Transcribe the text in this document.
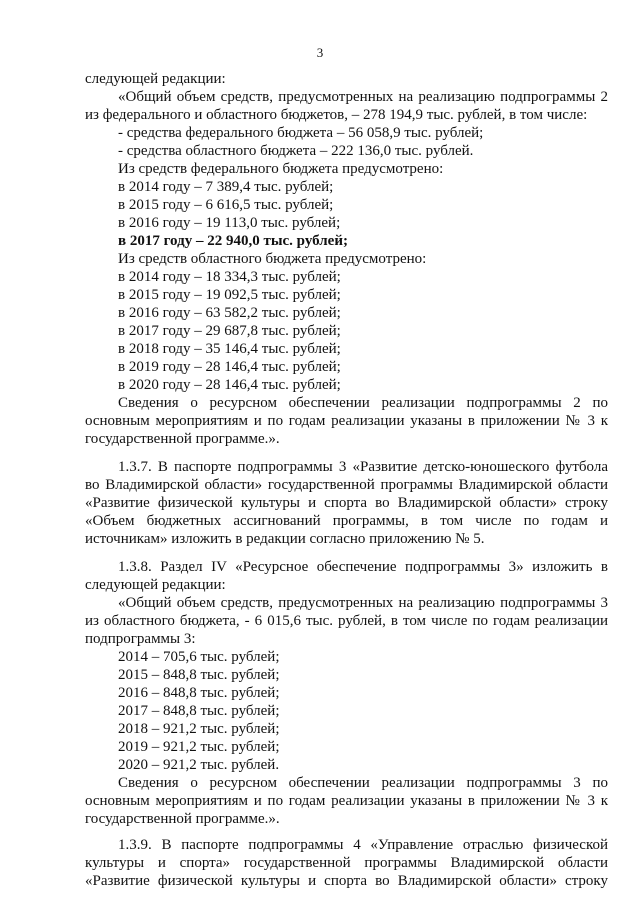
3
следующей редакции:
«Общий объем средств, предусмотренных на реализацию подпрограммы 2
из федерального и областного бюджетов, – 278 194,9 тыс. рублей, в том числе:
- средства федерального бюджета – 56 058,9 тыс. рублей;
- средства областного бюджета – 222 136,0 тыс. рублей.
Из средств федерального бюджета предусмотрено:
в 2014 году – 7 389,4 тыс. рублей;
в 2015 году – 6 616,5 тыс. рублей;
в 2016 году – 19 113,0 тыс. рублей;
в 2017 году – 22 940,0 тыс. рублей;
Из средств областного бюджета предусмотрено:
в 2014 году – 18 334,3 тыс. рублей;
в 2015 году – 19 092,5 тыс. рублей;
в 2016 году – 63 582,2 тыс. рублей;
в 2017 году – 29 687,8 тыс. рублей;
в 2018 году – 35 146,4 тыс. рублей;
в 2019 году – 28 146,4 тыс. рублей;
в 2020 году – 28 146,4 тыс. рублей;
Сведения о ресурсном обеспечении реализации подпрограммы 2 по
основным мероприятиям и по годам реализации указаны в приложении № 3 к
государственной программе.».
1.3.7. В паспорте подпрограммы 3 «Развитие детско-юношеского футбола
во Владимирской области» государственной программы Владимирской области
«Развитие физической культуры и спорта во Владимирской области» строку
«Объем бюджетных ассигнований программы, в том числе по годам и
источникам» изложить в редакции согласно приложению № 5.
1.3.8. Раздел IV «Ресурсное обеспечение подпрограммы 3» изложить в
следующей редакции:
«Общий объем средств, предусмотренных на реализацию подпрограммы 3
из областного бюджета, - 6 015,6 тыс. рублей, в том числе по годам реализации
подпрограммы 3:
2014 – 705,6 тыс. рублей;
2015 – 848,8 тыс. рублей;
2016 – 848,8 тыс. рублей;
2017 – 848,8 тыс. рублей;
2018 – 921,2 тыс. рублей;
2019 – 921,2 тыс. рублей;
2020 – 921,2 тыс. рублей.
Сведения о ресурсном обеспечении реализации подпрограммы 3 по
основным мероприятиям и по годам реализации указаны в приложении № 3 к
государственной программе.».
1.3.9. В паспорте подпрограммы 4 «Управление отраслью физической
культуры и спорта» государственной программы Владимирской области
«Развитие физической культуры и спорта во Владимирской области» строку
